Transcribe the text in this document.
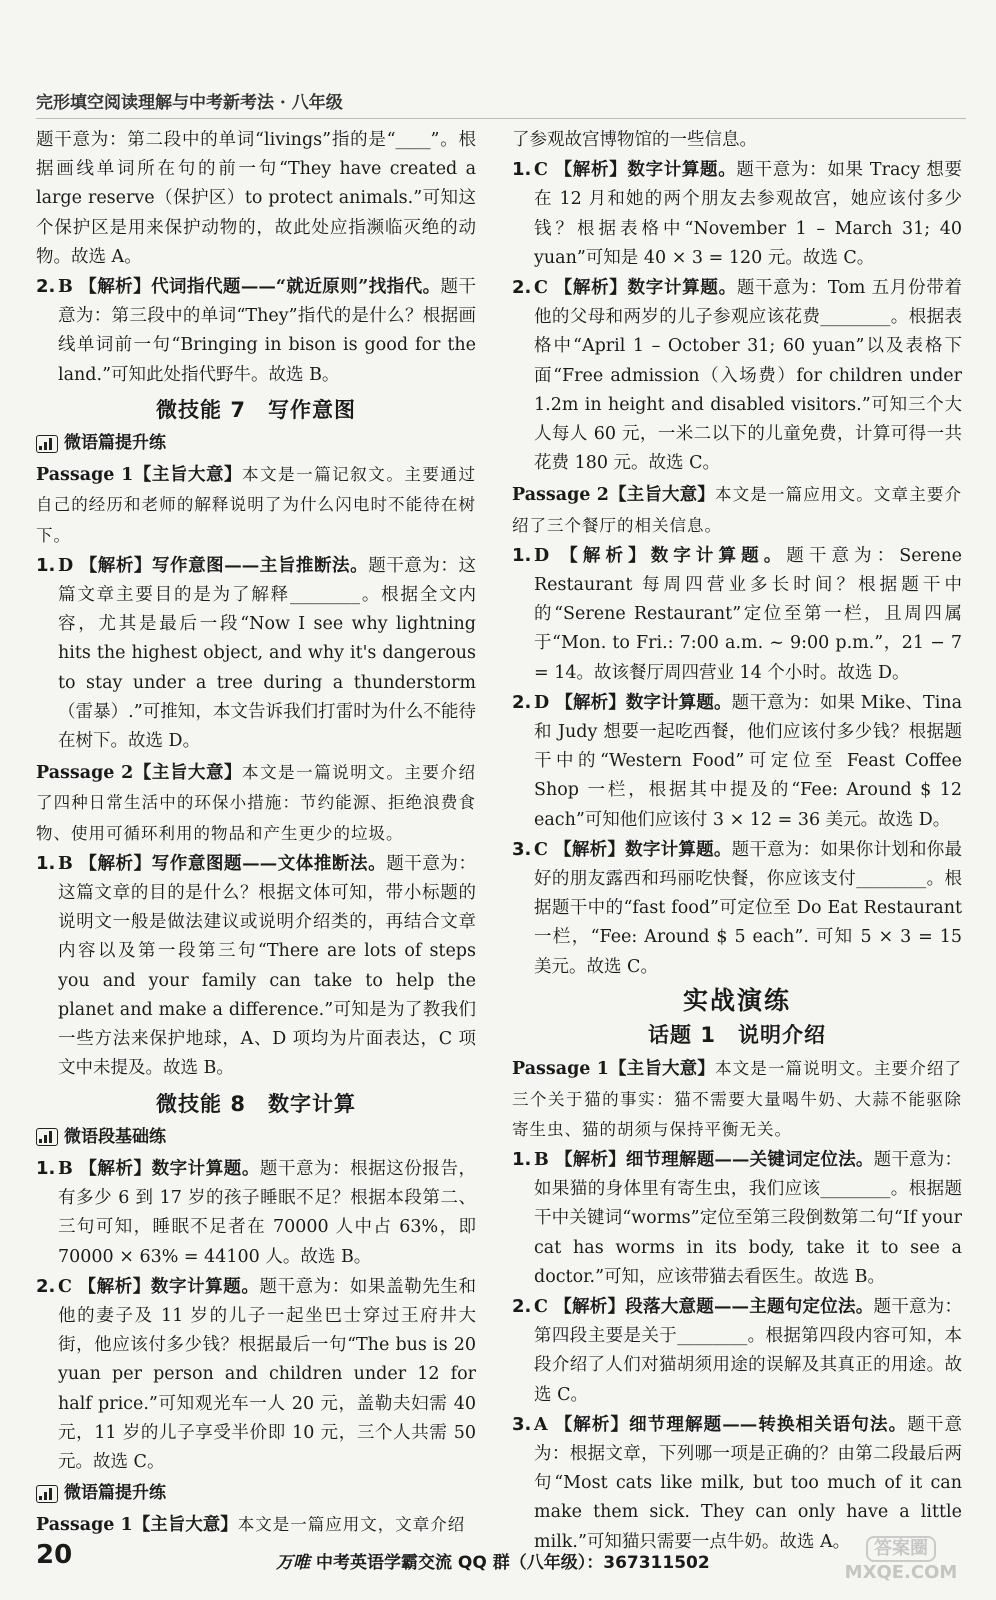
完形填空阅读理解与中考新考法 · 八年级

题干意为：第二段中的单词“livings”指的是“____”。根据画线单词所在句的前一句“They have created a large reserve（保护区）to protect animals.”可知这个保护区是用来保护动物的，故此处应指濒临灭绝的动物。故选 A。

2. B 【解析】代词指代题——“就近原则”找指代。题干意为：第三段中的单词“They”指代的是什么？根据画线单词前一句“Bringing in bison is good for the land.”可知此处指代野牛。故选 B。

微技能 7　写作意图
微语篇提升练

Passage 1【主旨大意】本文是一篇记叙文。主要通过自己的经历和老师的解释说明了为什么闪电时不能待在树下。

1. D 【解析】写作意图——主旨推断法。题干意为：这篇文章主要目的是为了解释________。根据全文内容，尤其是最后一段“Now I see why lightning hits the highest object, and why it's dangerous to stay under a tree during a thunderstorm（雷暴）.”可推知，本文告诉我们打雷时为什么不能待在树下。故选 D。

Passage 2【主旨大意】本文是一篇说明文。主要介绍了四种日常生活中的环保小措施：节约能源、拒绝浪费食物、使用可循环利用的物品和产生更少的垃圾。

1. B 【解析】写作意图题——文体推断法。题干意为：这篇文章的目的是什么？根据文体可知，带小标题的说明文一般是做法建议或说明介绍类的，再结合文章内容以及第一段第三句“There are lots of steps you and your family can take to help the planet and make a difference.”可知是为了教我们一些方法来保护地球，A、D 项均为片面表达，C 项文中未提及。故选 B。

微技能 8　数字计算
微语段基础练

1. B 【解析】数字计算题。题干意为：根据这份报告，有多少 6 到 17 岁的孩子睡眠不足？根据本段第二、三句可知，睡眠不足者在 70000 人中占 63%，即 70000 × 63% = 44100 人。故选 B。

2. C 【解析】数字计算题。题干意为：如果盖勒先生和他的妻子及 11 岁的儿子一起坐巴士穿过王府井大街，他应该付多少钱？根据最后一句“The bus is 20 yuan per person and children under 12 for half price.”可知观光车一人 20 元，盖勒夫妇需 40 元，11 岁的儿子享受半价即 10 元，三个人共需 50 元。故选 C。

微语篇提升练

Passage 1【主旨大意】本文是一篇应用文，文章介绍

了参观故宫博物馆的一些信息。

1. C 【解析】数字计算题。题干意为：如果 Tracy 想要在 12 月和她的两个朋友去参观故宫，她应该付多少钱？根据表格中“November 1 – March 31; 40 yuan”可知是 40 × 3 = 120 元。故选 C。

2. C 【解析】数字计算题。题干意为：Tom 五月份带着他的父母和两岁的儿子参观应该花费________。根据表格中“April 1 – October 31; 60 yuan”以及表格下面“Free admission（入场费）for children under 1.2m in height and disabled visitors.”可知三个大人每人 60 元，一米二以下的儿童免费，计算可得一共花费 180 元。故选 C。

Passage 2【主旨大意】本文是一篇应用文。文章主要介绍了三个餐厅的相关信息。

1. D 【解析】数字计算题。题干意为：Serene Restaurant 每周四营业多长时间？根据题干中的“Serene Restaurant”定位至第一栏，且周四属于“Mon. to Fri.: 7:00 a.m. ~ 9:00 p.m.”，21 − 7 = 14。故该餐厅周四营业 14 个小时。故选 D。

2. D 【解析】数字计算题。题干意为：如果 Mike、Tina 和 Judy 想要一起吃西餐，他们应该付多少钱？根据题干中的“Western Food”可定位至 Feast Coffee Shop 一栏，根据其中提及的“Fee: Around $ 12 each”可知他们应该付 3 × 12 = 36 美元。故选 D。

3. C 【解析】数字计算题。题干意为：如果你计划和你最好的朋友露西和玛丽吃快餐，你应该支付________。根据题干中的“fast food”可定位至 Do Eat Restaurant 一栏，“Fee: Around $ 5 each”. 可知 5 × 3 = 15 美元。故选 C。

实战演练
话题 1　说明介绍

Passage 1【主旨大意】本文是一篇说明文。主要介绍了三个关于猫的事实：猫不需要大量喝牛奶、大蒜不能驱除寄生虫、猫的胡须与保持平衡无关。

1. B 【解析】细节理解题——关键词定位法。题干意为：如果猫的身体里有寄生虫，我们应该________。根据题干中关键词“worms”定位至第三段倒数第二句“If your cat has worms in its body, take it to see a doctor.”可知，应该带猫去看医生。故选 B。

2. C 【解析】段落大意题——主题句定位法。题干意为：第四段主要是关于________。根据第四段内容可知，本段介绍了人们对猫胡须用途的误解及其真正的用途。故选 C。

3. A 【解析】细节理解题——转换相关语句法。题干意为：根据文章，下列哪一项是正确的？由第二段最后两句“Most cats like milk, but too much of it can make them sick. They can only have a little milk.”可知猫只需要一点牛奶。故选 A。

20	万唯 中考英语学霸交流 QQ 群（八年级）：367311502
答案圈
MXQE.COM
